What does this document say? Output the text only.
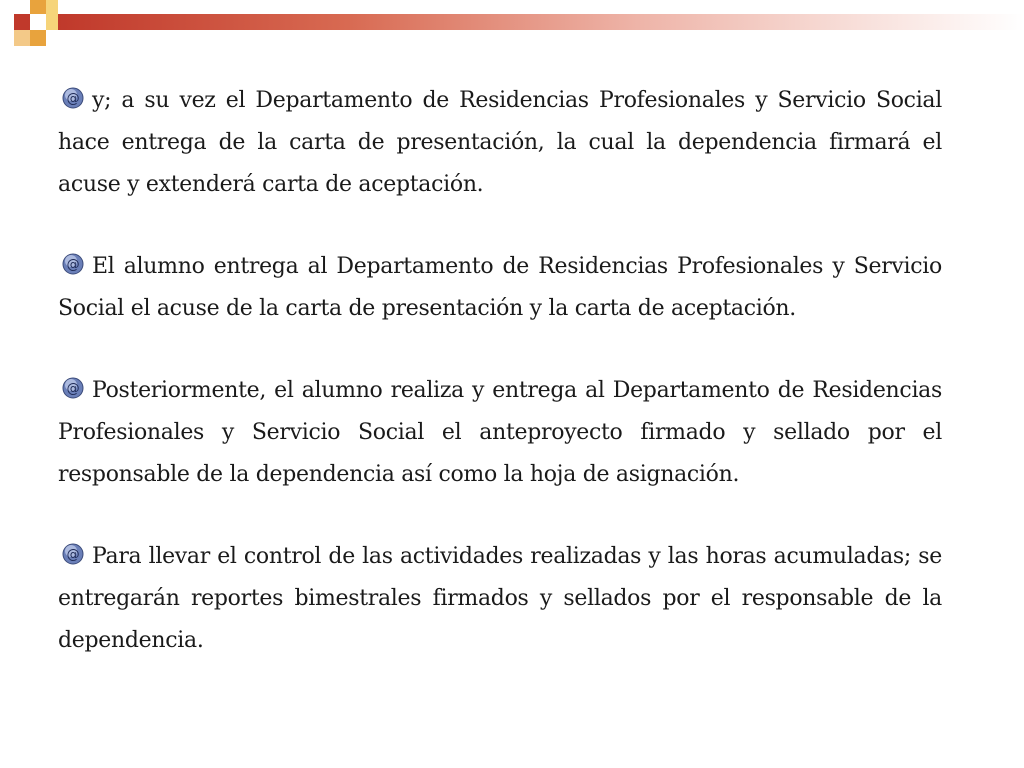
@ y; a su vez el Departamento de Residencias Profesionales y Servicio Social hace entrega de la carta de presentación, la cual la dependencia firmará el acuse y extenderá carta de aceptación.

@ El alumno entrega al Departamento de Residencias Profesionales y Servicio Social el acuse de la carta de presentación y la carta de aceptación.

@ Posteriormente, el alumno realiza y entrega al Departamento de Residencias Profesionales y Servicio Social el anteproyecto firmado y sellado por el responsable de la dependencia así como la hoja de asignación.

@ Para llevar el control de las actividades realizadas y las horas acumuladas; se entregarán reportes bimestrales firmados y sellados por el responsable de la dependencia.
